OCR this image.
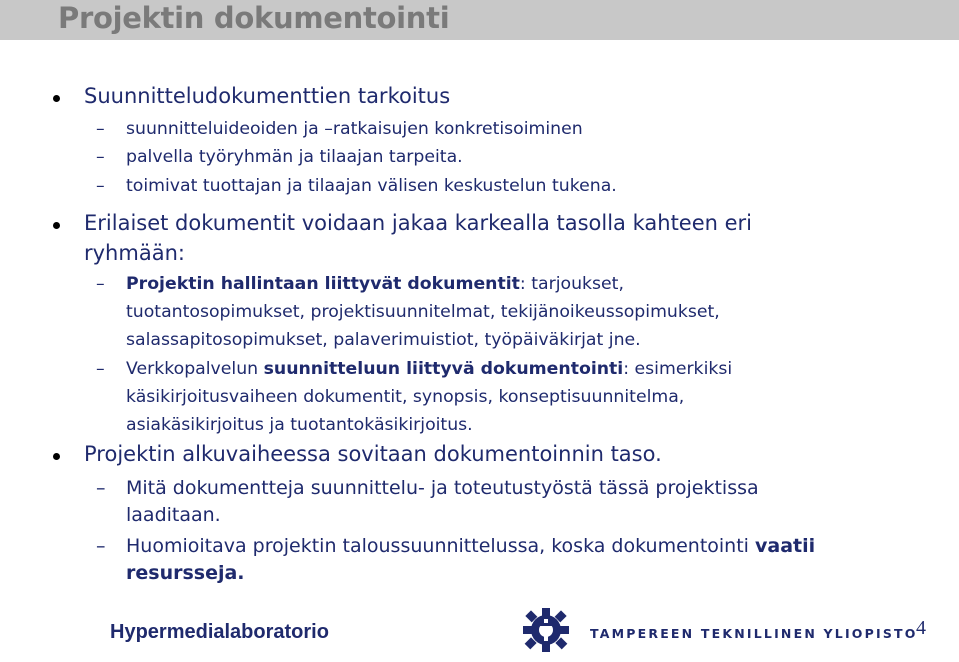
Projektin dokumentointi
Suunnitteludokumenttien tarkoitus
– suunnitteluideoiden ja –ratkaisujen konkretisoiminen
– palvella työryhmän ja tilaajan tarpeita.
– toimivat tuottajan ja tilaajan välisen keskustelun tukena.
Erilaiset dokumentit voidaan jakaa karkealla tasolla kahteen eri
ryhmään:
– Projektin hallintaan liittyvät dokumentit: tarjoukset,
tuotantosopimukset, projektisuunnitelmat, tekijänoikeussopimukset,
salassapitosopimukset, palaverimuistiot, työpäiväkirjat jne.
– Verkkopalvelun suunnitteluun liittyvä dokumentointi: esimerkiksi
käsikirjoitusvaiheen dokumentit, synopsis, konseptisuunnitelma,
asiakäsikirjoitus ja tuotantokäsikirjoitus.
Projektin alkuvaiheessa sovitaan dokumentoinnin taso.
– Mitä dokumentteja suunnittelu- ja toteutustyöstä tässä projektissa
laaditaan.
– Huomioitava projektin taloussuunnittelussa, koska dokumentointi vaatii
resursseja.
Hypermedialaboratorio	TAMPEREEN TEKNILLINEN YLIOPISTO
4
